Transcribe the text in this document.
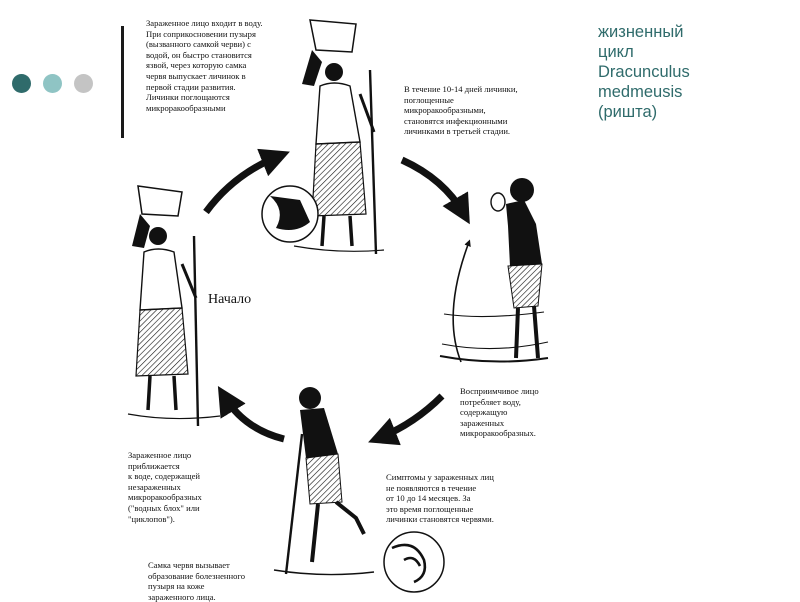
жизненный
цикл
Dracunculus
medmeusis
(ришта)
Зараженное лицо входит в воду.
При соприкосновении пузыря
(вызванного самкой черви) с
водой, он быстро становится
язвой, через которую самка
червя выпускает личинок в
первой стадии развития.
Личинки поглощаются
микроракообразными
В течение 10-14 дней личинки,
поглощенные
микроракообразными,
становятся инфекционными
личинками в третьей стадии.
Восприимчивое лицо
потребляет воду,
содержащую
зараженных
микроракообразных.
Зараженное лицо
приближается
к воде, содержащей
незараженных
микроракообразных
("водных блох" или
"циклопов").
Симптомы у зараженных лиц
не появляются в течение
от 10 до 14 месяцев. За
это время поглощенные
личинки становятся червями.
Самка червя вызывает
образование болезненного
пузыря на коже
зараженного лица.
Начало
